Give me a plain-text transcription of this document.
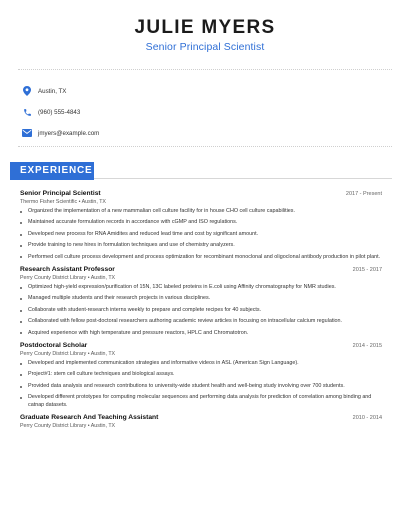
JULIE MYERS
Senior Principal Scientist
Austin, TX
(960) 555-4843
jmyers@example.com
EXPERIENCE
Senior Principal Scientist	2017 - Present
Thermo Fisher Scientific • Austin, TX
Organized the implementation of a new mammalian cell culture facility for in house CHO cell culture capabilities.
Maintained accurate formulation records in accordance with cGMP and ISO regulations.
Developed new process for RNA Amidites and reduced lead time and cost by significant amount.
Provide training to new hires in formulation techniques and use of chemistry analyzers.
Performed cell culture process development and process optimization for recombinant monoclonal and oligoclonal antibody production in pilot plant.
Research Assistant Professor	2015 - 2017
Perry County District Library • Austin, TX
Optimized high-yield expression/purification of 15N, 13C labeled proteins in E.coli using Affinity chromatography for NMR studies.
Managed multiple students and their research projects in various disciplines.
Collaborate with student-research interns weekly to prepare and complete recipes for 40 subjects.
Collaborated with fellow post-doctoral researchers authoring academic review articles in focusing on intracellular calcium regulation.
Acquired experience with high temperature and pressure reactors, HPLC and Chromatotron.
Postdoctoral Scholar	2014 - 2015
Perry County District Library • Austin, TX
Developed and implemented communication strategies and informative videos in ASL (American Sign Language).
Project#1: stem cell culture techniques and biological assays.
Provided data analysis and research contributions to university-wide student health and well-being study involving over 700 students.
Developed different prototypes for computing molecular sequences and performing data analysis for prediction of correlation among binding and catnap datasets.
Graduate Research And Teaching Assistant	2010 - 2014
Perry County District Library • Austin, TX
